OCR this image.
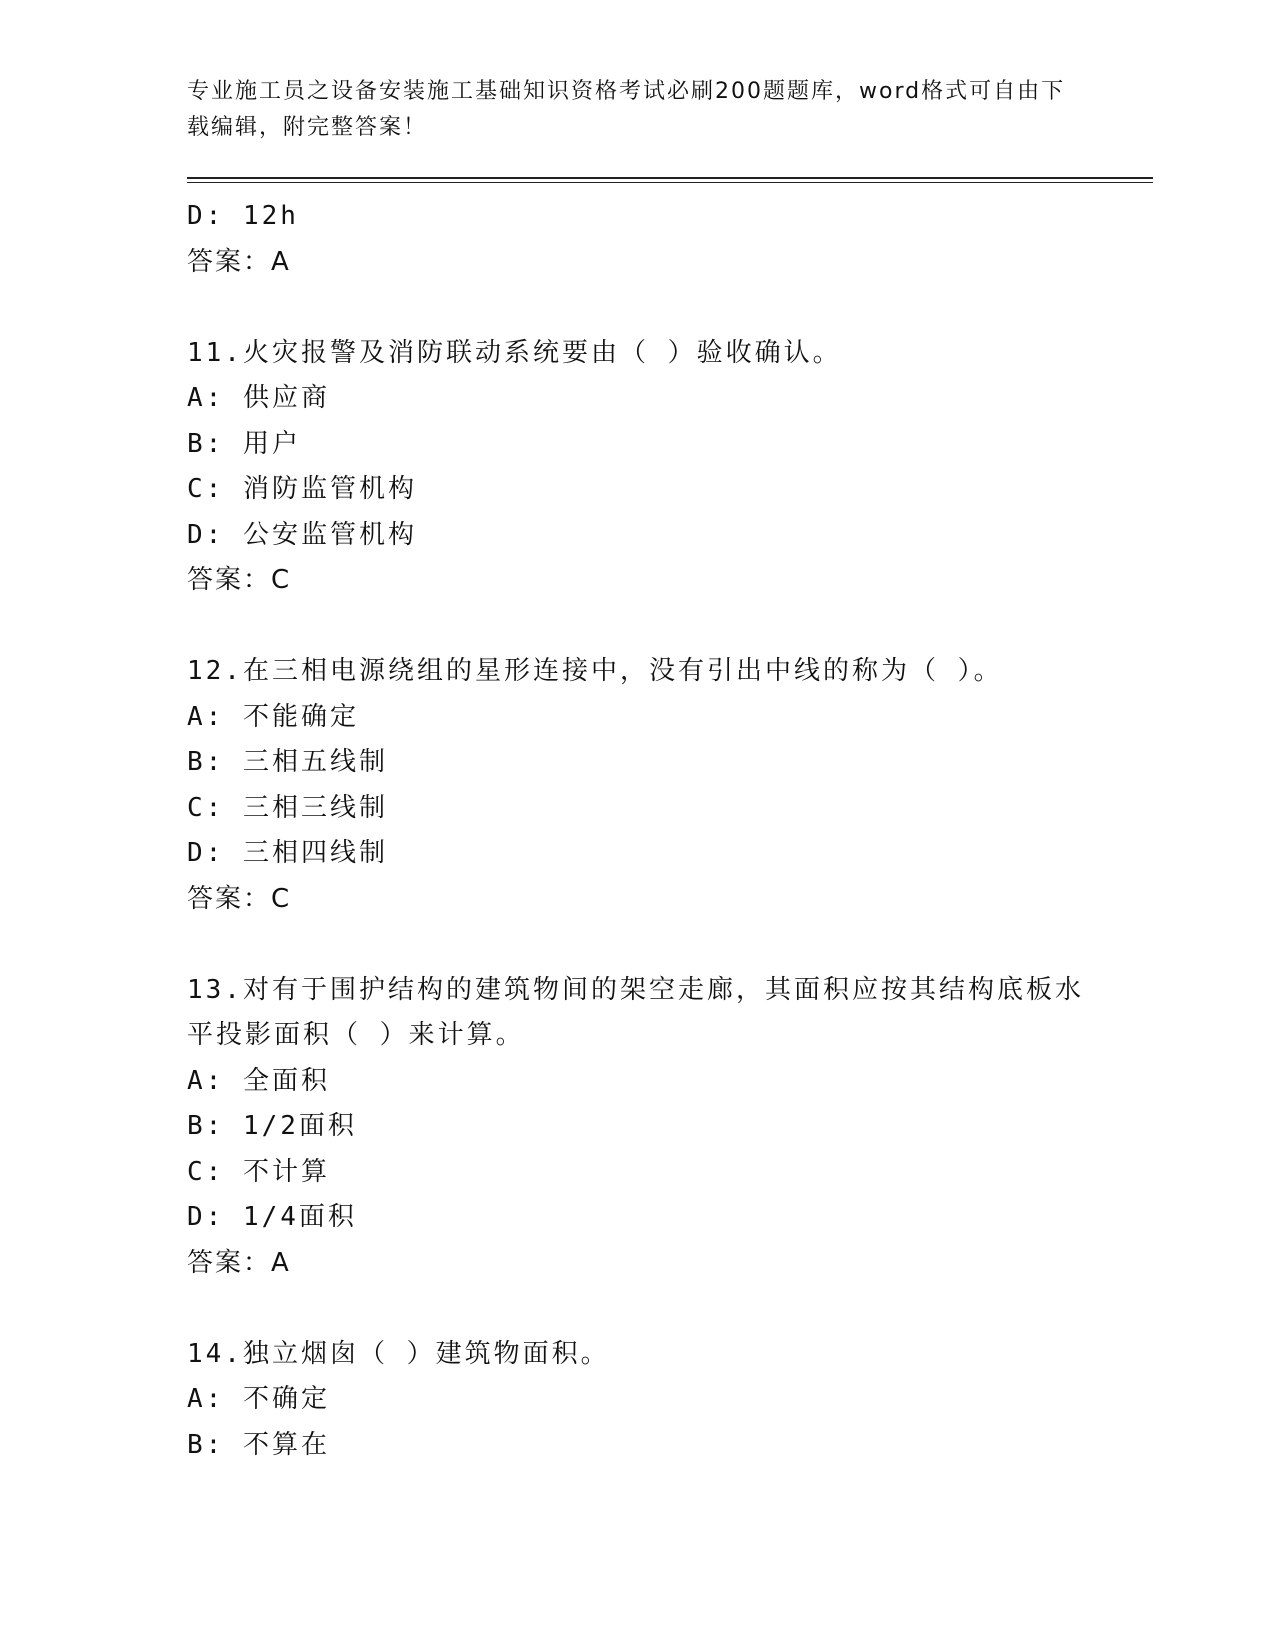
专业施工员之设备安装施工基础知识资格考试必刷200题题库，word格式可自由下载编辑，附完整答案！
D: 12h
答案：A
11.火灾报警及消防联动系统要由（ ）验收确认。
A: 供应商
B: 用户
C: 消防监管机构
D: 公安监管机构
答案：C
12.在三相电源绕组的星形连接中，没有引出中线的称为（ ）。
A: 不能确定
B: 三相五线制
C: 三相三线制
D: 三相四线制
答案：C
13.对有于围护结构的建筑物间的架空走廊，其面积应按其结构底板水
平投影面积（ ）来计算。
A: 全面积
B: 1/2面积
C: 不计算
D: 1/4面积
答案：A
14.独立烟囱（ ）建筑物面积。
A: 不确定
B: 不算在
